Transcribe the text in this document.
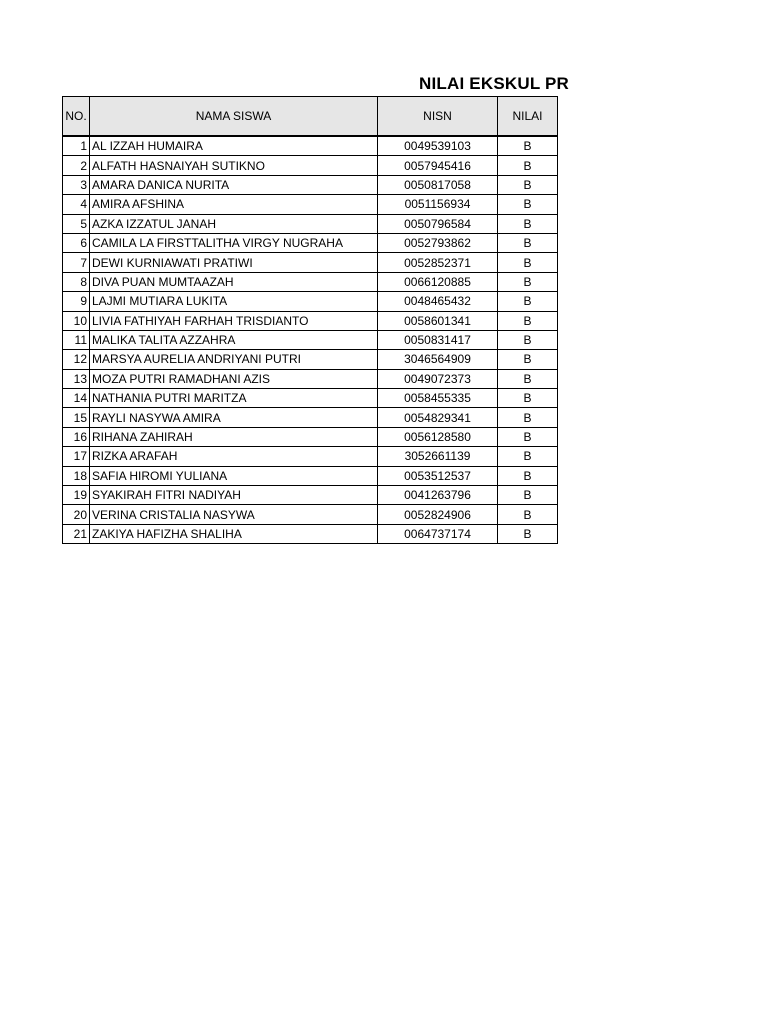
NILAI EKSKUL PR
NO.	NAMA SISWA	NISN	NILAI

1	AL IZZAH HUMAIRA	0049539103	B
2	ALFATH HASNAIYAH SUTIKNO	0057945416	B
3	AMARA DANICA NURITA	0050817058	B
4	AMIRA AFSHINA	0051156934	B
5	AZKA IZZATUL JANAH	0050796584	B
6	CAMILA LA FIRSTTALITHA VIRGY NUGRAHA	0052793862	B
7	DEWI KURNIAWATI PRATIWI	0052852371	B
8	DIVA PUAN MUMTAAZAH	0066120885	B
9	LAJMI MUTIARA LUKITA	0048465432	B
10	LIVIA FATHIYAH FARHAH TRISDIANTO	0058601341	B
11	MALIKA TALITA AZZAHRA	0050831417	B
12	MARSYA AURELIA ANDRIYANI PUTRI	3046564909	B
13	MOZA PUTRI RAMADHANI AZIS	0049072373	B
14	NATHANIA PUTRI MARITZA	0058455335	B
15	RAYLI NASYWA AMIRA	0054829341	B
16	RIHANA ZAHIRAH	0056128580	B
17	RIZKA ARAFAH	3052661139	B
18	SAFIA HIROMI YULIANA	0053512537	B
19	SYAKIRAH FITRI NADIYAH	0041263796	B
20	VERINA CRISTALIA NASYWA	0052824906	B
21	ZAKIYA HAFIZHA SHALIHA	0064737174	B
